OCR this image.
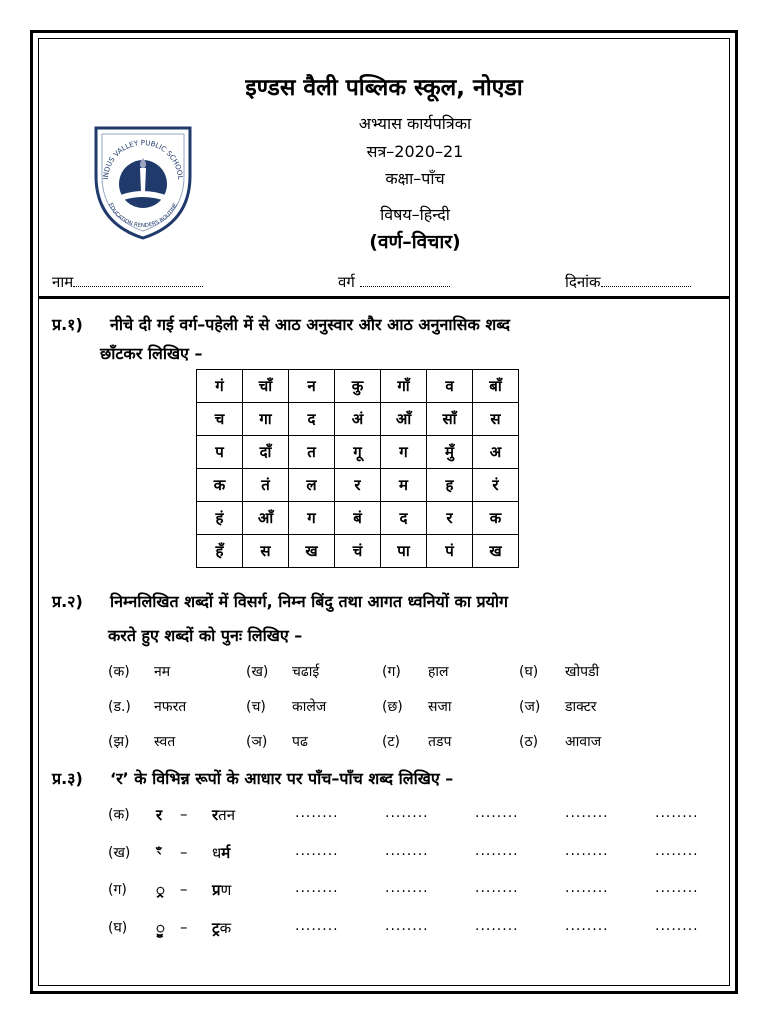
इण्डस वैली पब्लिक स्कूल, नोएडा
INDUS VALLEY PUBLIC SCHOOL
EDUCATION RENDERS ROUTINE
अभ्यास कार्यपत्रिका
सत्र–2020–21
कक्षा–पाँच
विषय–हिन्दी
(वर्ण–विचार)
नाम	वर्ग	दिनांक
प्र.१) नीचे दी गई वर्ग–पहेली में से आठ अनुस्वार और आठ अनुनासिक शब्द
छाँटकर लिखिए –
गं	चाँ	न	कु	गाँ	व	बाँ
च	गा	द	अं	आँ	साँ	स
प	दाँ	त	गू	ग	मुँ	अ
क	तं	ल	र	म	ह	रं
हं	आँ	ग	बं	द	र	क
हँ	स	ख	चं	पा	पं	ख
प्र.२) निम्नलिखित शब्दों में विसर्ग, निम्न बिंदु तथा आगत ध्वनियों का प्रयोग
करते हुए शब्दों को पुनः लिखिए –
(क) नम	(ख) चढाई	(ग) हाल	(घ) खोपडी
(ड.) नफरत	(च) कालेज	(छ) सजा	(ज) डाक्टर
(झ) स्वत	(ञ) पढ	(ट) तडप	(ठ) आवाज
प्र.३) ‘र’ के विभिन्न रूपों के आधार पर पाँच–पाँच शब्द लिखिए –
(क) र – रतन	........	........	........	........	........
(ख) ꣳ – धर्म	........	........	........	........	........
(ग) ्र – प्रण	........	........	........	........	........
(घ) ॗ – ट्रक	........	........	........	........	........
